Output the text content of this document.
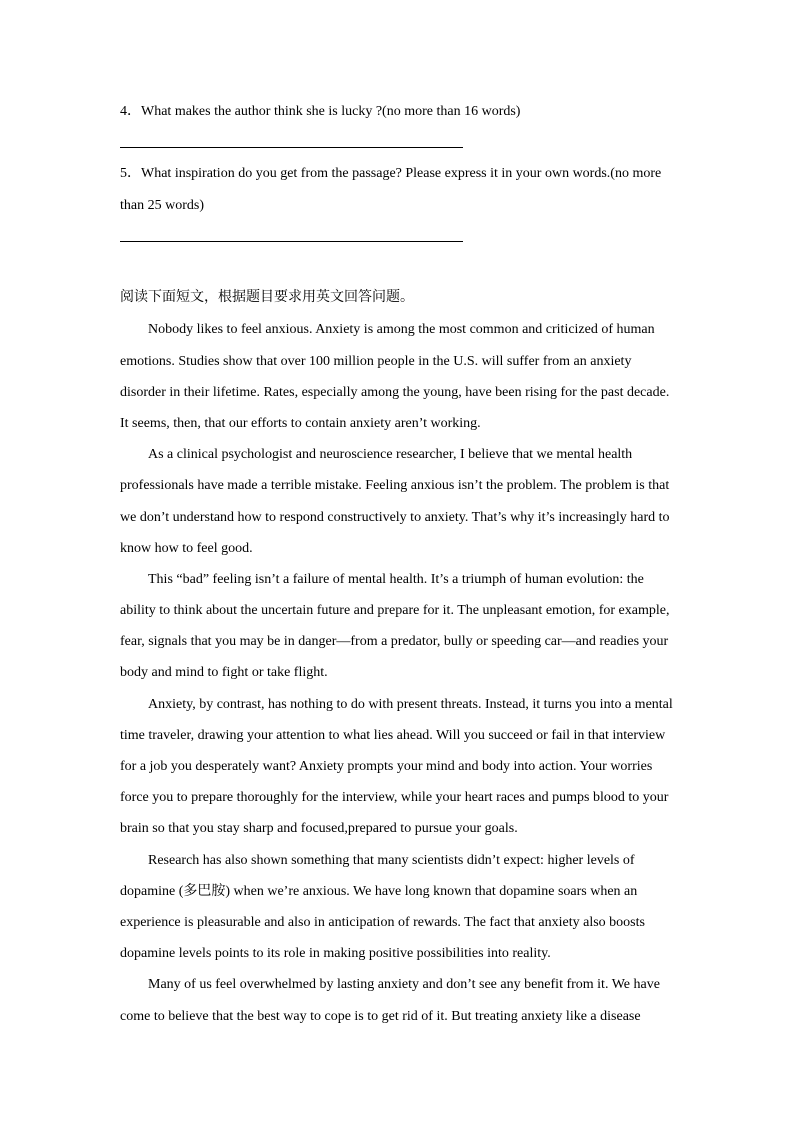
4．What makes the author think she is lucky ?(no more than 16 words)
5．What inspiration do you get from the passage? Please express it in your own words.(no more
than 25 words)
阅读下面短文，根据题目要求用英文回答问题。
Nobody likes to feel anxious. Anxiety is among the most common and criticized of human
emotions. Studies show that over 100 million people in the U.S. will suffer from an anxiety
disorder in their lifetime. Rates, especially among the young, have been rising for the past decade.
It seems, then, that our efforts to contain anxiety aren’t working.
As a clinical psychologist and neuroscience researcher, I believe that we mental health
professionals have made a terrible mistake. Feeling anxious isn’t the problem. The problem is that
we don’t understand how to respond constructively to anxiety. That’s why it’s increasingly hard to
know how to feel good.
This “bad” feeling isn’t a failure of mental health. It’s a triumph of human evolution: the
ability to think about the uncertain future and prepare for it. The unpleasant emotion, for example,
fear, signals that you may be in danger—from a predator, bully or speeding car—and readies your
body and mind to fight or take flight.
Anxiety, by contrast, has nothing to do with present threats. Instead, it turns you into a mental
time traveler, drawing your attention to what lies ahead. Will you succeed or fail in that interview
for a job you desperately want? Anxiety prompts your mind and body into action. Your worries
force you to prepare thoroughly for the interview, while your heart races and pumps blood to your
brain so that you stay sharp and focused,prepared to pursue your goals.
Research has also shown something that many scientists didn’t expect: higher levels of
dopamine (多巴胺) when we’re anxious. We have long known that dopamine soars when an
experience is pleasurable and also in anticipation of rewards. The fact that anxiety also boosts
dopamine levels points to its role in making positive possibilities into reality.
Many of us feel overwhelmed by lasting anxiety and don’t see any benefit from it. We have
come to believe that the best way to cope is to get rid of it. But treating anxiety like a disease
